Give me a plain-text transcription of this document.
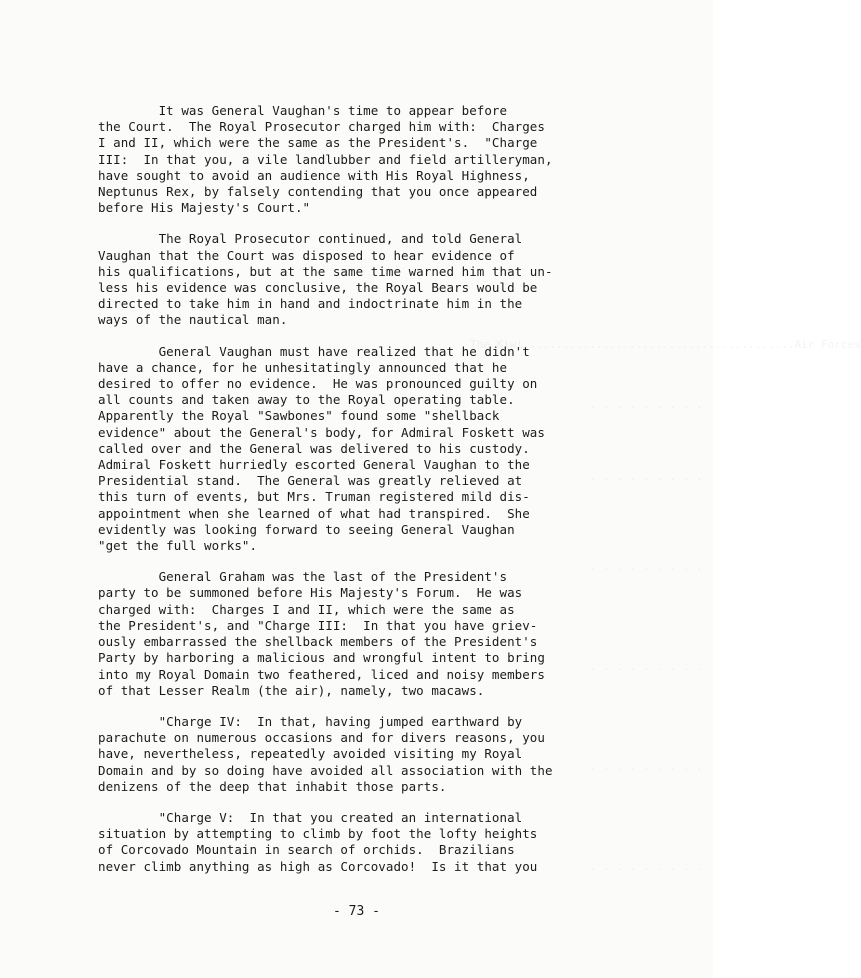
The Kiwi.........................................Air Forces
. . . . . . . . .
. . . . . . . . .
. . . . . . . . .
. . . . . . . . .
. . . . . . . . .
. . . . . . . . .
It was General Vaughan's time to appear before
the Court.  The Royal Prosecutor charged him with:  Charges
I and II, which were the same as the President's.  "Charge
III:  In that you, a vile landlubber and field artilleryman,
have sought to avoid an audience with His Royal Highness,
Neptunus Rex, by falsely contending that you once appeared
before His Majesty's Court."
The Royal Prosecutor continued, and told General
Vaughan that the Court was disposed to hear evidence of
his qualifications, but at the same time warned him that un-
less his evidence was conclusive, the Royal Bears would be
directed to take him in hand and indoctrinate him in the
ways of the nautical man.
General Vaughan must have realized that he didn't
have a chance, for he unhesitatingly announced that he
desired to offer no evidence.  He was pronounced guilty on
all counts and taken away to the Royal operating table.
Apparently the Royal "Sawbones" found some "shellback
evidence" about the General's body, for Admiral Foskett was
called over and the General was delivered to his custody.
Admiral Foskett hurriedly escorted General Vaughan to the
Presidential stand.  The General was greatly relieved at
this turn of events, but Mrs. Truman registered mild dis-
appointment when she learned of what had transpired.  She
evidently was looking forward to seeing General Vaughan
"get the full works".
General Graham was the last of the President's
party to be summoned before His Majesty's Forum.  He was
charged with:  Charges I and II, which were the same as
the President's, and "Charge III:  In that you have griev-
ously embarrassed the shellback members of the President's
Party by harboring a malicious and wrongful intent to bring
into my Royal Domain two feathered, liced and noisy members
of that Lesser Realm (the air), namely, two macaws.
"Charge IV:  In that, having jumped earthward by
parachute on numerous occasions and for divers reasons, you
have, nevertheless, repeatedly avoided visiting my Royal
Domain and by so doing have avoided all association with the
denizens of the deep that inhabit those parts.
"Charge V:  In that you created an international
situation by attempting to climb by foot the lofty heights
of Corcovado Mountain in search of orchids.  Brazilians
never climb anything as high as Corcovado!  Is it that you
- 73 -
